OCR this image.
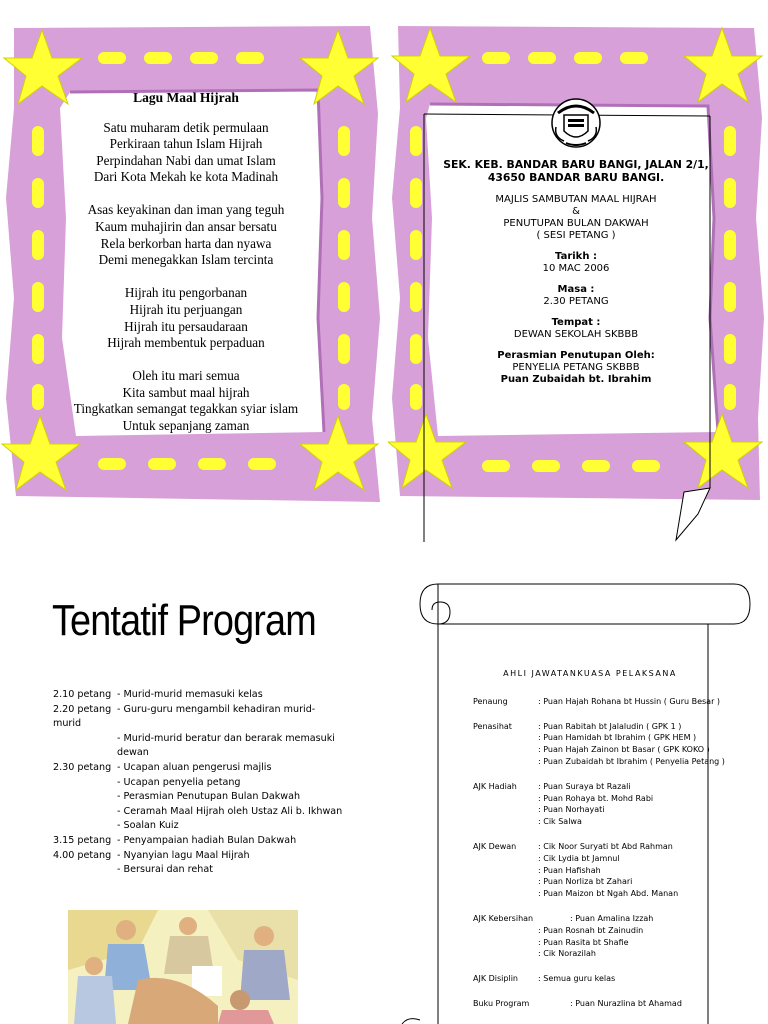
Lagu Maal Hijrah
Satu muharam detik permulaan
Perkiraan tahun Islam Hijrah
Perpindahan Nabi dan umat Islam
Dari Kota Mekah ke kota Madinah
Asas keyakinan dan iman yang teguh
Kaum muhajirin dan ansar bersatu
Rela berkorban harta dan nyawa
Demi menegakkan Islam tercinta
Hijrah itu pengorbanan
Hijrah itu perjuangan
Hijrah itu persaudaraan
Hijrah membentuk perpaduan
Oleh itu mari semua
Kita sambut maal hijrah
Tingkatkan semangat tegakkan syiar islam
Untuk sepanjang zaman
SEK. KEB. BANDAR BARU BANGI, JALAN 2/1,
43650 BANDAR BARU BANGI.
MAJLIS SAMBUTAN MAAL HIJRAH
&
PENUTUPAN BULAN DAKWAH
( SESI PETANG )
Tarikh :
10 MAC 2006
Masa :
2.30 PETANG
Tempat :
DEWAN SEKOLAH SKBBB
Perasmian Penutupan Oleh:
PENYELIA PETANG SKBBB
Puan Zubaidah bt. Ibrahim
Tentatif Program
2.10 petang - Murid-murid memasuki kelas
2.20 petang - Guru-guru mengambil kehadiran murid-murid
- Murid-murid beratur dan berarak memasuki dewan
2.30 petang - Ucapan aluan pengerusi majlis
- Ucapan penyelia petang
- Perasmian Penutupan Bulan Dakwah
- Ceramah Maal Hijrah oleh Ustaz Ali b. Ikhwan
- Soalan Kuiz
3.15 petang - Penyampaian hadiah Bulan Dakwah
4.00 petang - Nyanyian lagu Maal Hijrah
- Bersurai dan rehat
AHLI JAWATANKUASA PELAKSANA
Penaung	: Puan Hajah Rohana bt Hussin ( Guru Besar )
Penasihat	: Puan Rabitah bt Jalaludin ( GPK 1 )
: Puan Hamidah bt Ibrahim ( GPK HEM )
: Puan Hajah Zainon bt Basar ( GPK KOKO )
: Puan Zubaidah bt Ibrahim ( Penyelia Petang )
AJK Hadiah	: Puan Suraya bt Razali
: Puan Rohaya bt. Mohd Rabi
: Puan Norhayati
: Cik Salwa
AJK Dewan	: Cik Noor Suryati bt Abd Rahman
: Cik Lydia bt Jamnul
: Puan Hafishah
: Puan Norliza bt Zahari
: Puan Maizon bt Ngah Abd. Manan
AJK Kebersihan	: Puan Amalina Izzah
: Puan Rosnah bt Zainudin
: Puan Rasita bt Shafie
: Cik Norazilah
AJK Disiplin	: Semua guru kelas
Buku Program	: Puan Nurazlina bt Ahamad
